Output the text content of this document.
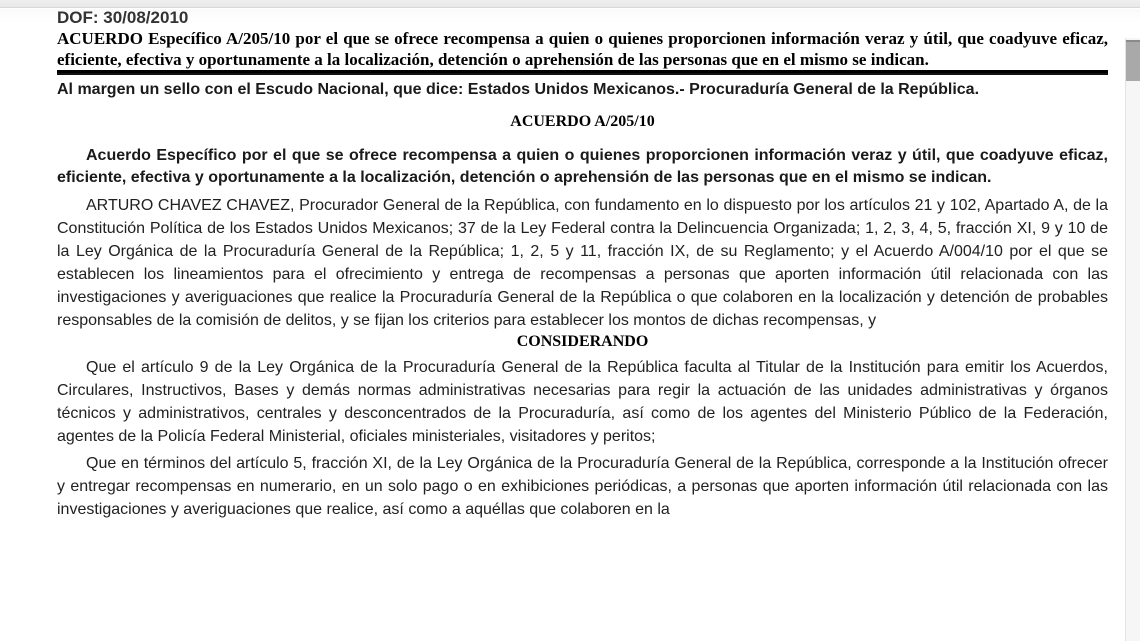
DOF: 30/08/2010
ACUERDO Específico A/205/10 por el que se ofrece recompensa a quien o quienes proporcionen información veraz y útil, que coadyuve eficaz, eficiente, efectiva y oportunamente a la localización, detención o aprehensión de las personas que en el mismo se indican.

Al margen un sello con el Escudo Nacional, que dice: Estados Unidos Mexicanos.- Procuraduría General de la República.

ACUERDO A/205/10

Acuerdo Específico por el que se ofrece recompensa a quien o quienes proporcionen información veraz y útil, que coadyuve eficaz, eficiente, efectiva y oportunamente a la localización, detención o aprehensión de las personas que en el mismo se indican.

ARTURO CHAVEZ CHAVEZ, Procurador General de la República, con fundamento en lo dispuesto por los artículos 21 y 102, Apartado A, de la Constitución Política de los Estados Unidos Mexicanos; 37 de la Ley Federal contra la Delincuencia Organizada; 1, 2, 3, 4, 5, fracción XI, 9 y 10 de la Ley Orgánica de la Procuraduría General de la República; 1, 2, 5 y 11, fracción IX, de su Reglamento; y el Acuerdo A/004/10 por el que se establecen los lineamientos para el ofrecimiento y entrega de recompensas a personas que aporten información útil relacionada con las investigaciones y averiguaciones que realice la Procuraduría General de la República o que colaboren en la localización y detención de probables responsables de la comisión de delitos, y se fijan los criterios para establecer los montos de dichas recompensas, y

CONSIDERANDO

Que el artículo 9 de la Ley Orgánica de la Procuraduría General de la República faculta al Titular de la Institución para emitir los Acuerdos, Circulares, Instructivos, Bases y demás normas administrativas necesarias para regir la actuación de las unidades administrativas y órganos técnicos y administrativos, centrales y desconcentrados de la Procuraduría, así como de los agentes del Ministerio Público de la Federación, agentes de la Policía Federal Ministerial, oficiales ministeriales, visitadores y peritos;

Que en términos del artículo 5, fracción XI, de la Ley Orgánica de la Procuraduría General de la República, corresponde a la Institución ofrecer y entregar recompensas en numerario, en un solo pago o en exhibiciones periódicas, a personas que aporten información útil relacionada con las investigaciones y averiguaciones que realice, así como a aquéllas que colaboren en la
